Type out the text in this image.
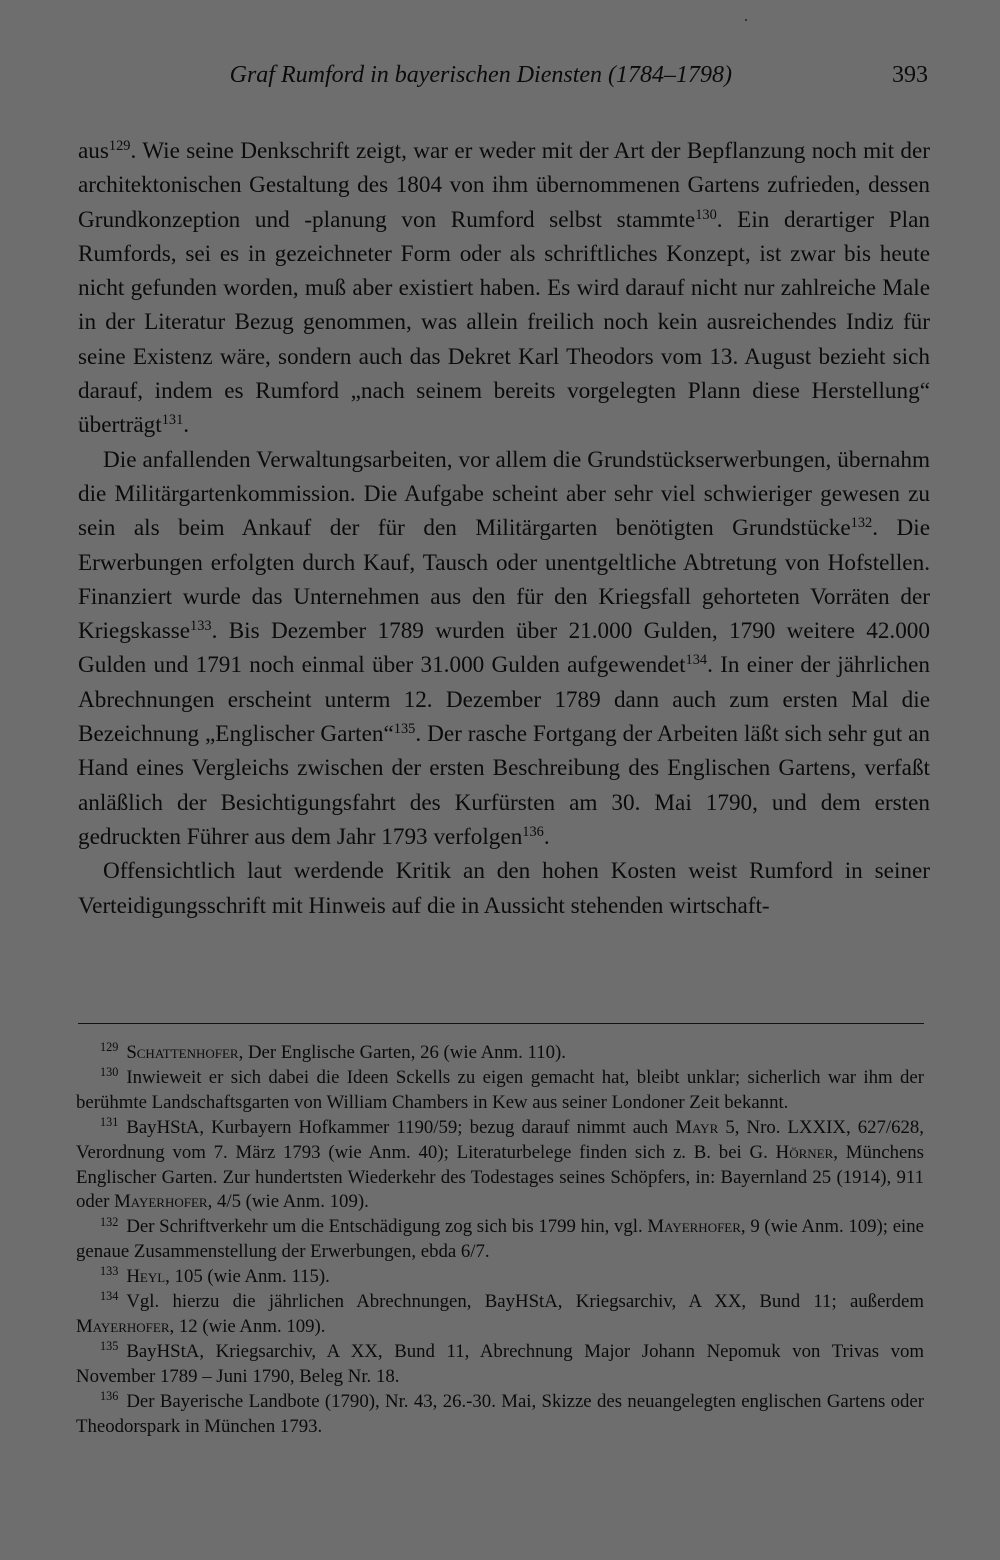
Graf Rumford in bayerischen Diensten (1784–1798)	393

aus$^{129}$. Wie seine Denkschrift zeigt, war er weder mit der Art der Bepflanzung noch mit der architektonischen Gestaltung des 1804 von ihm übernommenen Gartens zufrieden, dessen Grundkonzeption und -planung von Rumford selbst stammte$^{130}$. Ein derartiger Plan Rumfords, sei es in gezeichneter Form oder als schriftliches Konzept, ist zwar bis heute nicht gefunden worden, muß aber existiert haben. Es wird darauf nicht nur zahlreiche Male in der Literatur Bezug genommen, was allein freilich noch kein ausreichendes Indiz für seine Existenz wäre, sondern auch das Dekret Karl Theodors vom 13. August bezieht sich darauf, indem es Rumford „nach seinem bereits vorgelegten Plann diese Herstellung“ überträgt$^{131}$.

Die anfallenden Verwaltungsarbeiten, vor allem die Grundstückserwerbungen, übernahm die Militärgartenkommission. Die Aufgabe scheint aber sehr viel schwieriger gewesen zu sein als beim Ankauf der für den Militärgarten benötigten Grundstücke$^{132}$. Die Erwerbungen erfolgten durch Kauf, Tausch oder unentgeltliche Abtretung von Hofstellen. Finanziert wurde das Unternehmen aus den für den Kriegsfall gehorteten Vorräten der Kriegskasse$^{133}$. Bis Dezember 1789 wurden über 21.000 Gulden, 1790 weitere 42.000 Gulden und 1791 noch einmal über 31.000 Gulden aufgewendet$^{134}$. In einer der jährlichen Abrechnungen erscheint unterm 12. Dezember 1789 dann auch zum ersten Mal die Bezeichnung „Englischer Garten“$^{135}$. Der rasche Fortgang der Arbeiten läßt sich sehr gut an Hand eines Vergleichs zwischen der ersten Beschreibung des Englischen Gartens, verfaßt anläßlich der Besichtigungsfahrt des Kurfürsten am 30. Mai 1790, und dem ersten gedruckten Führer aus dem Jahr 1793 verfolgen$^{136}$.

Offensichtlich laut werdende Kritik an den hohen Kosten weist Rumford in seiner Verteidigungsschrift mit Hinweis auf die in Aussicht stehenden wirtschaft-

$^{129}$ Schattenhofer, Der Englische Garten, 26 (wie Anm. 110).

$^{130}$ Inwieweit er sich dabei die Ideen Sckells zu eigen gemacht hat, bleibt unklar; sicherlich war ihm der berühmte Landschaftsgarten von William Chambers in Kew aus seiner Londoner Zeit bekannt.

$^{131}$ BayHStA, Kurbayern Hofkammer 1190/59; bezug darauf nimmt auch Mayr 5, Nro. LXXIX, 627/628, Verordnung vom 7. März 1793 (wie Anm. 40); Literaturbelege finden sich z. B. bei G. Hörner, Münchens Englischer Garten. Zur hundertsten Wiederkehr des Todestages seines Schöpfers, in: Bayernland 25 (1914), 911 oder Mayerhofer, 4/5 (wie Anm. 109).

$^{132}$ Der Schriftverkehr um die Entschädigung zog sich bis 1799 hin, vgl. Mayerhofer, 9 (wie Anm. 109); eine genaue Zusammenstellung der Erwerbungen, ebda 6/7.

$^{133}$ Heyl, 105 (wie Anm. 115).

$^{134}$ Vgl. hierzu die jährlichen Abrechnungen, BayHStA, Kriegsarchiv, A XX, Bund 11; außerdem Mayerhofer, 12 (wie Anm. 109).

$^{135}$ BayHStA, Kriegsarchiv, A XX, Bund 11, Abrechnung Major Johann Nepomuk von Trivas vom November 1789 – Juni 1790, Beleg Nr. 18.

$^{136}$ Der Bayerische Landbote (1790), Nr. 43, 26.-30. Mai, Skizze des neuangelegten englischen Gartens oder Theodorspark in München 1793.
